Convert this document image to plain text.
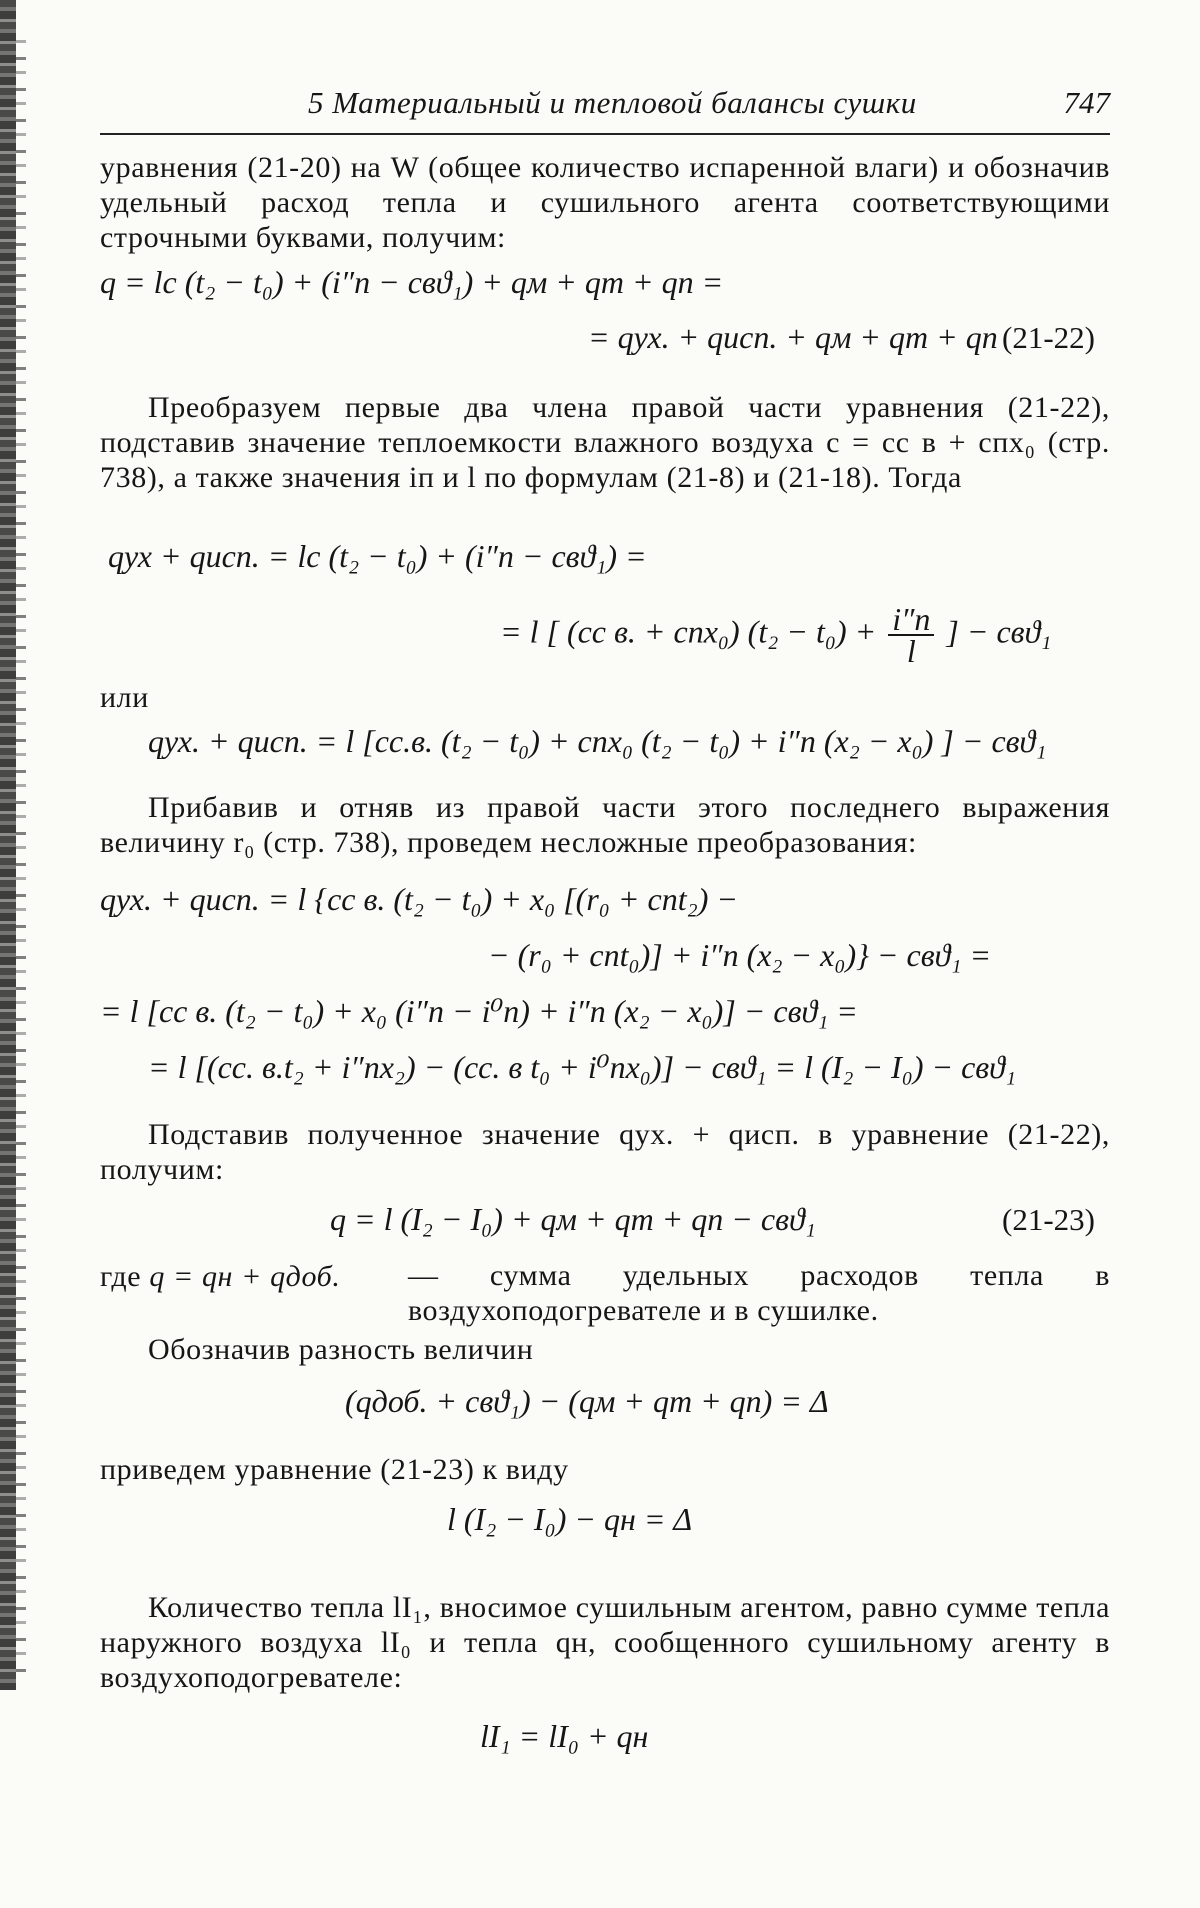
5 Материальный и тепловой балансы сушки	747
уравнения (21-20) на W (общее количество испаренной влаги) и обозначив удельный расход тепла и сушильного агента соответствующими строчными буквами, получим:
q = lc (t₂ − t₀) + (i″п − cвϑ₁) + qм + qт + qп =
= qух. + qисп. + qм + qт + qп (21-22)
Преобразуем первые два члена правой части уравнения (21-22), подставив значение теплоемкости влажного воздуха c = cс в + cпx₀ (стр. 738), а также значения iп и l по формулам (21-8) и (21-18). Тогда
qух + qисп. = lc (t₂ − t₀) + (i″п − cвϑ₁) =
= l [ (cс в. + cпx₀) $(t_2 - t_0) + \frac{i''п}{l}$ ] − cвϑ₁
или
qух. + qисп. = l [cс.в. (t₂ − t₀) + cпx₀ (t₂ − t₀) + i″п (x₂ − x₀) ] − cвϑ₁
Прибавив и отняв из правой части этого последнего выражения величину r₀ (стр. 738), проведем несложные преобразования:
qух. + qисп. = l {cс в. (t₂ − t₀) + x₀ [(r₀ + cпt₂) −
− (r₀ + cпt₀)] + i″п (x₂ − x₀)} − cвϑ₁ =
= l [cс в. (t₂ − t₀) + x₀ (i″п − i⁰п) + i″п (x₂ − x₀)] − cвϑ₁ =
= l [(cс. в.t₂ + i″пx₂) − (cс. в t₀ + i⁰пx₀)] − cвϑ₁ = l (I₂ − I₀) − cвϑ₁
Подставив полученное значение qух. + qисп. в уравнение (21-22), получим:
q = l (I₂ − I₀) + qм + qт + qп − cвϑ₁	(21-23)
где q = qн + qдоб.	— сумма удельных расходов тепла в воздухоподогревателе и в сушилке.
Обозначив разность величин
(qдоб. + cвϑ₁) − (qм + qт + qп) = Δ
приведем уравнение (21-23) к виду
l (I₂ − I₀) − qн = Δ
Количество тепла lI₁, вносимое сушильным агентом, равно сумме тепла наружного воздуха lI₀ и тепла qн, сообщенного сушильному агенту в воздухоподогревателе:
lI₁ = lI₀ + qн
